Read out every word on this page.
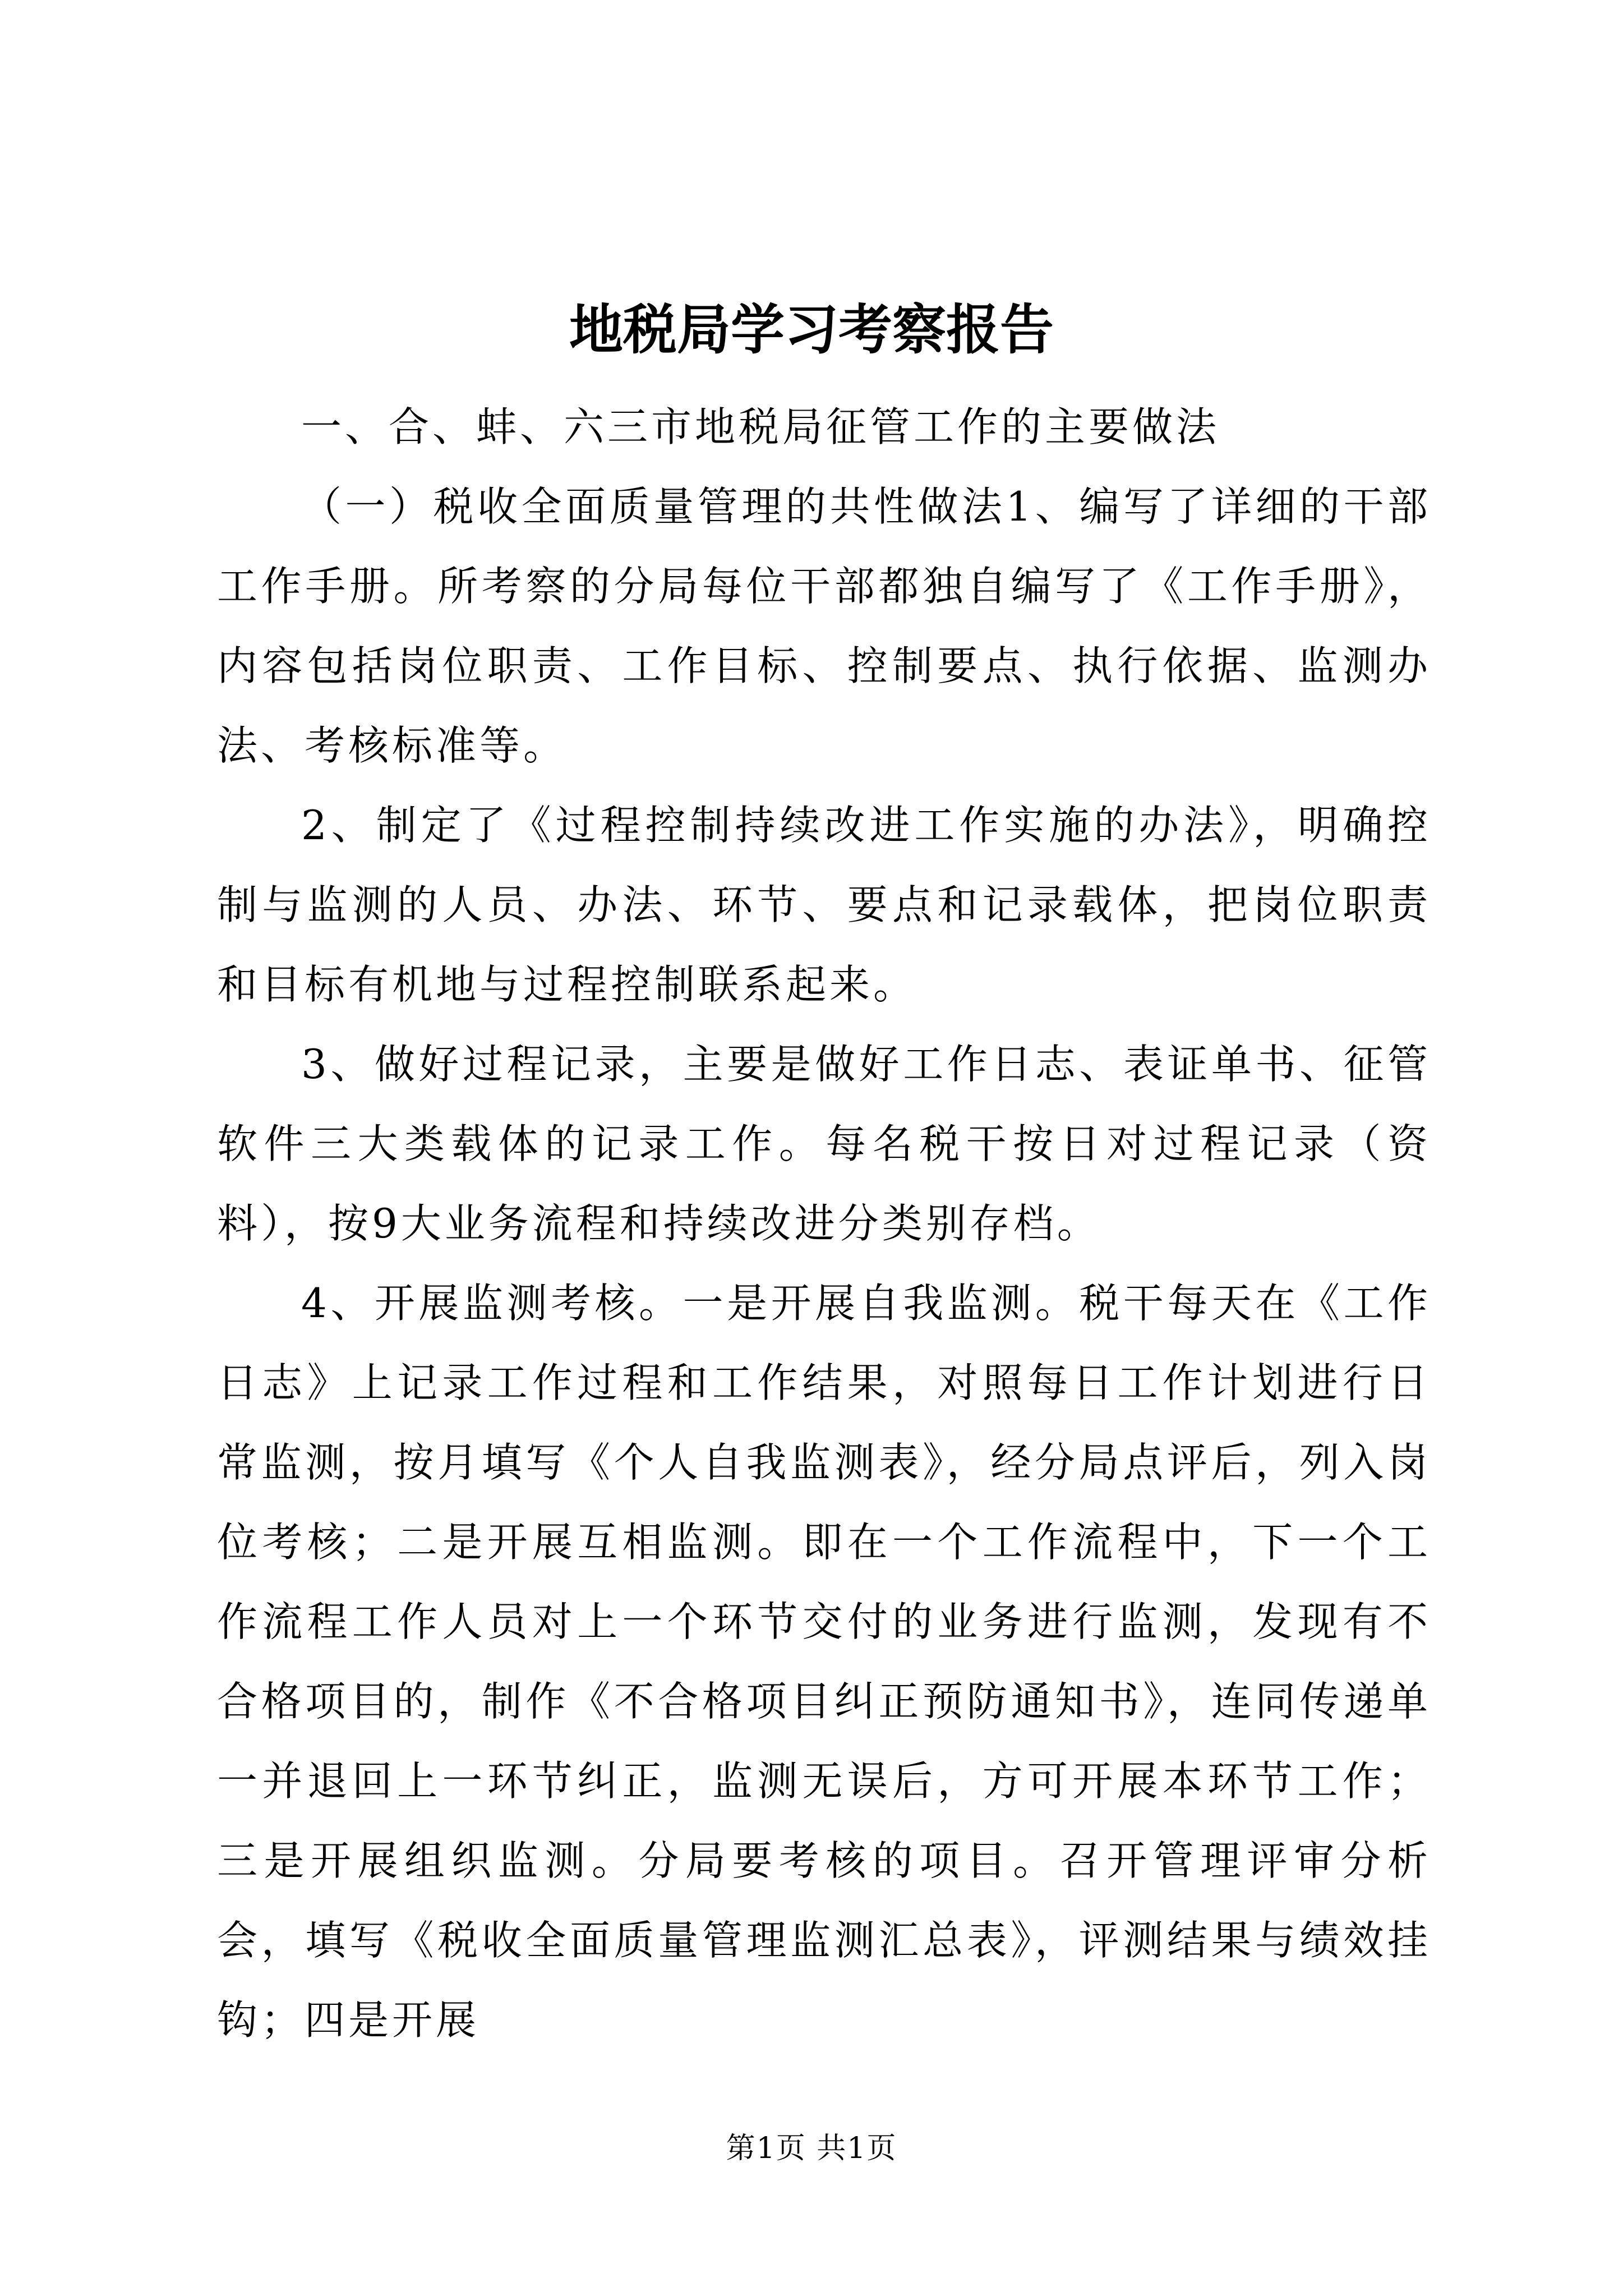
地税局学习考察报告

一、合、蚌、六三市地税局征管工作的主要做法

（一）税收全面质量管理的共性做法1、编写了详细的干部工作手册。所考察的分局每位干部都独自编写了《工作手册》，内容包括岗位职责、工作目标、控制要点、执行依据、监测办法、考核标准等。

2、制定了《过程控制持续改进工作实施的办法》，明确控制与监测的人员、办法、环节、要点和记录载体，把岗位职责和目标有机地与过程控制联系起来。

3、做好过程记录，主要是做好工作日志、表证单书、征管软件三大类载体的记录工作。每名税干按日对过程记录（资料），按9大业务流程和持续改进分类别存档。

4、开展监测考核。一是开展自我监测。税干每天在《工作日志》上记录工作过程和工作结果，对照每日工作计划进行日常监测，按月填写《个人自我监测表》，经分局点评后，列入岗位考核；二是开展互相监测。即在一个工作流程中，下一个工作流程工作人员对上一个环节交付的业务进行监测，发现有不合格项目的，制作《不合格项目纠正预防通知书》，连同传递单一并退回上一环节纠正，监测无误后，方可开展本环节工作；三是开展组织监测。分局要考核的项目。召开管理评审分析会，填写《税收全面质量管理监测汇总表》，评测结果与绩效挂钩；四是开展

第1页 共1页
